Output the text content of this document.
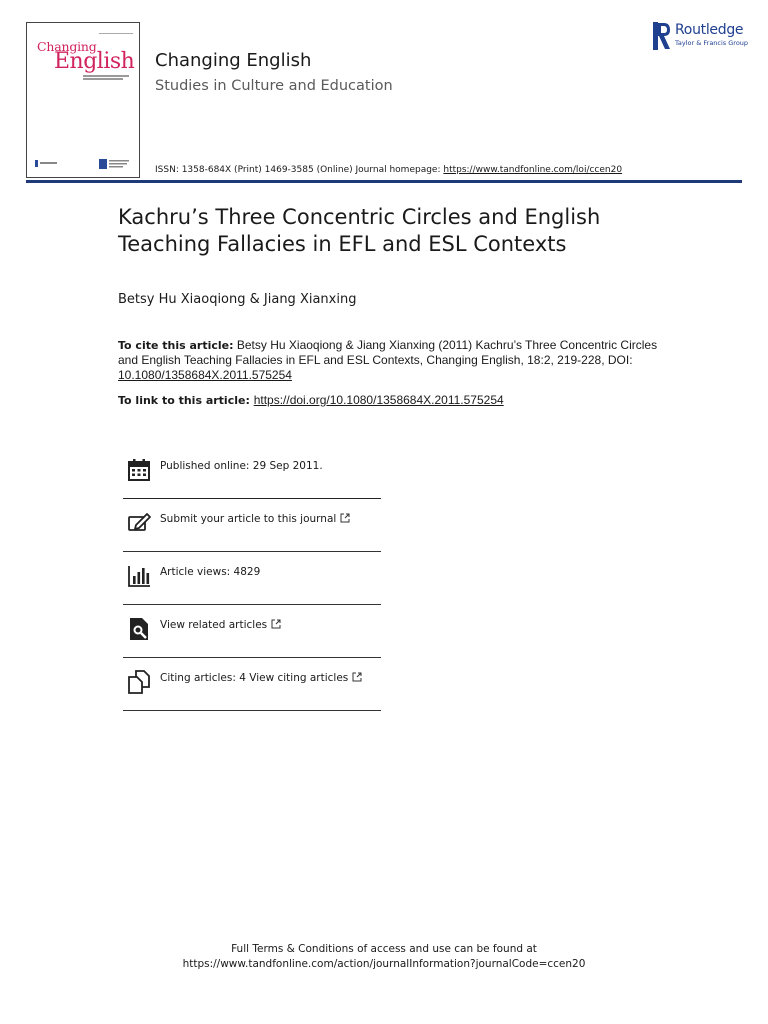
Changing
English Changing English
Studies in Culture and Education
ISSN: 1358-684X (Print) 1469-3585 (Online) Journal homepage: https://www.tandfonline.com/loi/ccen20
Routledge
Taylor & Francis Group
Kachru’s Three Concentric Circles and English
Teaching Fallacies in EFL and ESL Contexts
Betsy Hu Xiaoqiong & Jiang Xianxing
To cite this article: Betsy Hu Xiaoqiong & Jiang Xianxing (2011) Kachru’s Three Concentric Circles and English Teaching Fallacies in EFL and ESL Contexts, Changing English, 18:2, 219-228, DOI: 10.1080/1358684X.2011.575254
To link to this article: https://doi.org/10.1080/1358684X.2011.575254
Published online: 29 Sep 2011.
Submit your article to this journal
Article views: 4829
View related articles
Citing articles: 4 View citing articles
Full Terms & Conditions of access and use can be found at
https://www.tandfonline.com/action/journalInformation?journalCode=ccen20
